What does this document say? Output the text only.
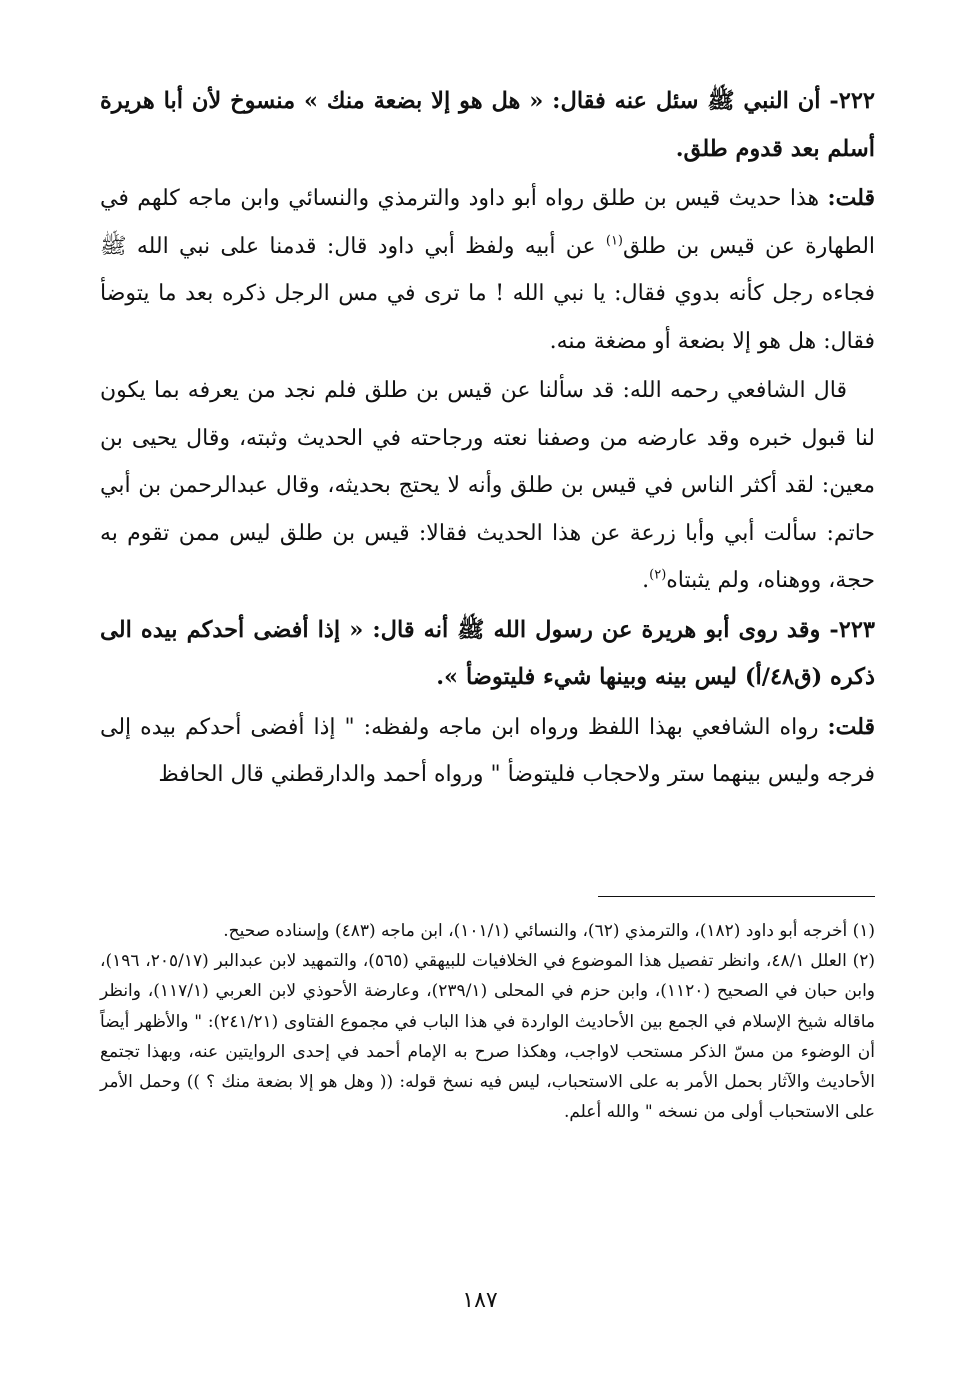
٢٢٢- أن النبي ﷺ سئل عنه فقال: « هل هو إلا بضعة منك » منسوخ لأن أبا هريرة أسلم بعد قدوم طلق.

قلت: هذا حديث قيس بن طلق رواه أبو داود والترمذي والنسائي وابن ماجه كلهم في الطهارة عن قيس بن طلق$^{(١)}$ عن أبيه ولفظ أبي داود قال: قدمنا على نبي الله ﷺ فجاءه رجل كأنه بدوي فقال: يا نبي الله ! ما ترى في مس الرجل ذكره بعد ما يتوضأ فقال: هل هو إلا بضعة أو مضغة منه.

قال الشافعي رحمه الله: قد سألنا عن قيس بن طلق فلم نجد من يعرفه بما يكون لنا قبول خبره وقد عارضه من وصفنا نعته ورجاحته في الحديث وثبته، وقال يحيى بن معين: لقد أكثر الناس في قيس بن طلق وأنه لا يحتج بحديثه، وقال عبدالرحمن بن أبي حاتم: سألت أبي وأبا زرعة عن هذا الحديث فقالا: قيس بن طلق ليس ممن تقوم به حجة، ووهناه، ولم يثبتاه$^{(٢)}$.

٢٢٣- وقد روى أبو هريرة عن رسول الله ﷺ أنه قال: « إذا أفضى أحدكم بيده الى ذكره (ق٤٨/أ) ليس بينه وبينها شيء فليتوضأ ».

قلت: رواه الشافعي بهذا اللفظ ورواه ابن ماجه ولفظه: " إذا أفضى أحدكم بيده إلى فرجه وليس بينهما ستر ولاحجاب فليتوضأ " ورواه أحمد والدارقطني قال الحافظ

(١) أخرجه أبو داود (١٨٢)، والترمذي (٦٢)، والنسائي (١٠١/١)، ابن ماجه (٤٨٣) وإسناده صحيح.

(٢) العلل ٤٨/١، وانظر تفصيل هذا الموضوع في الخلافيات للبيهقي (٥٦٥)، والتمهيد لابن عبدالبر (٢٠٥/١٧، ١٩٦)، وابن حبان في الصحيح (١١٢٠)، وابن حزم في المحلى (٢٣٩/١)، وعارضة الأحوذي لابن العربي (١١٧/١)، وانظر ماقاله شيخ الإسلام في الجمع بين الأحاديث الواردة في هذا الباب في مجموع الفتاوى (٢٤١/٢١): " والأظهر أيضاً أن الوضوء من مسّ الذكر مستحب لاواجب، وهكذا صرح به الإمام أحمد في إحدى الروايتين عنه، وبهذا تجتمع الأحاديث والآثار بحمل الأمر به على الاستحباب، ليس فيه نسخ قوله: (( وهل هو إلا بضعة منك ؟ )) وحمل الأمر على الاستحباب أولى من نسخه " والله أعلم.

١٨٧
